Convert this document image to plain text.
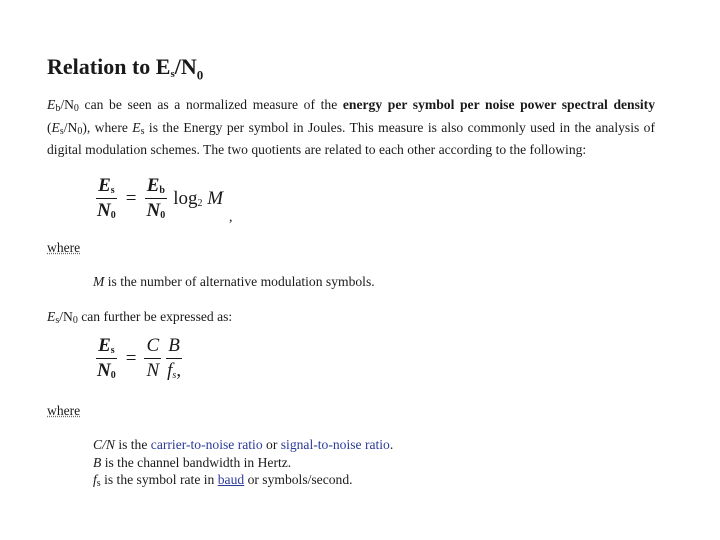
Relation to $Es/N_0$
Eb/N0 can be seen as a normalized measure of the energy per symbol per noise power spectral density (Es/N0), where Es is the Energy per symbol in Joules. This measure is also commonly used in the analysis of digital modulation schemes. The two quotients are related to each other according to the following:
$\frac{Es}{N0} = \frac{Eb}{N0} \log 2$ M
,
where
M is the number of alternative modulation symbols.
Es/N0 can further be expressed as:
$\frac{Es}{N0} = \frac{C}{N} \frac{B}{fs,}$
where
C/N is the carrier-to-noise ratio or signal-to-noise ratio.
B is the channel bandwidth in Hertz.
fs is the symbol rate in baud or symbols/second.
